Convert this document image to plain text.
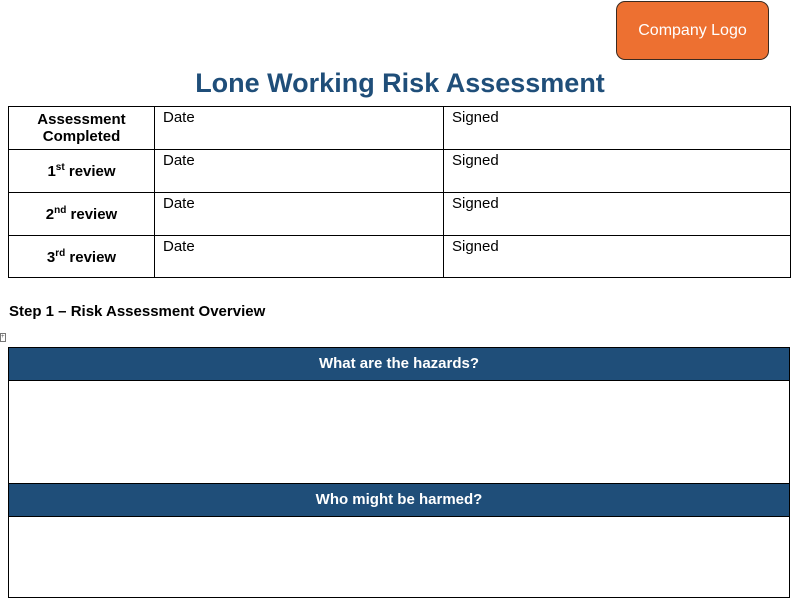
Company Logo
Lone Working Risk Assessment
Assessment
Completed	Date	Signed

1st review	Date	Signed

2nd review	Date	Signed

3rd review	Date	Signed
Step 1 – Risk Assessment Overview
+
What are the hazards?

Who might be harmed?
